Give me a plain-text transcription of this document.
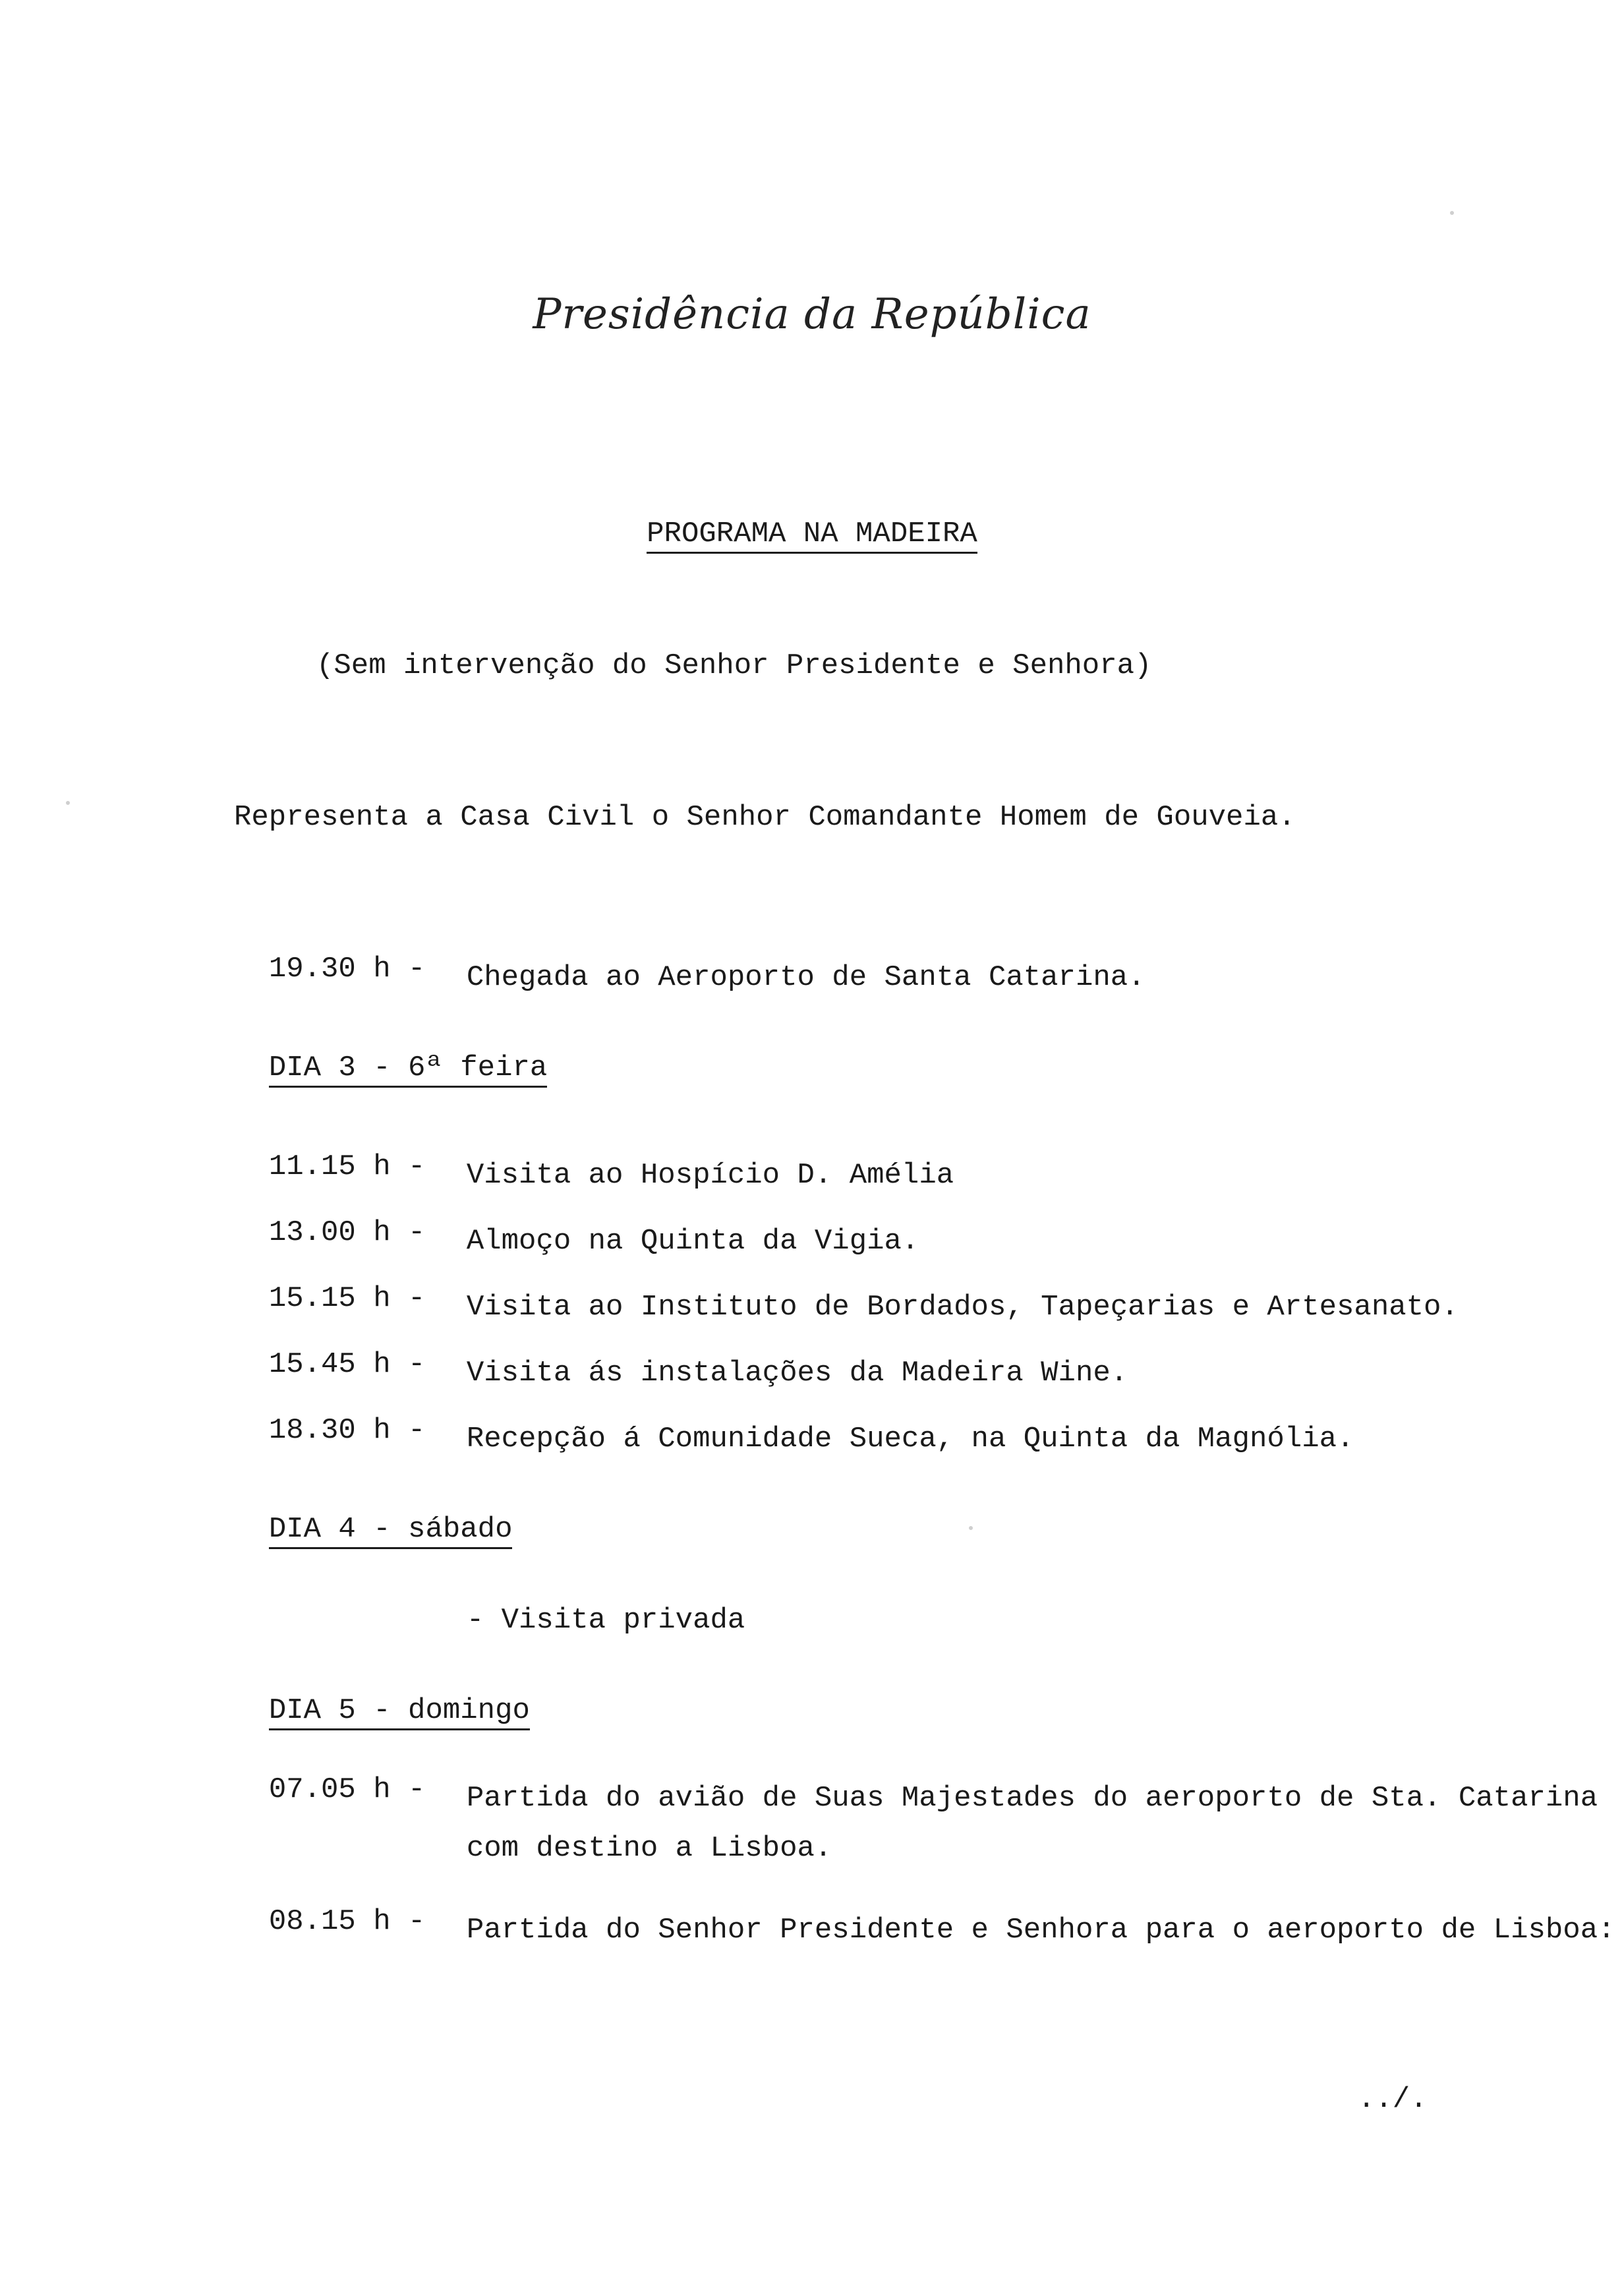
Presidência da República
PROGRAMA NA MADEIRA
(Sem intervenção do Senhor Presidente e Senhora)
Representa a Casa Civil o Senhor Comandante Homem de Gouveia.

19.30 h - Chegada ao Aeroporto de Santa Catarina.

DIA 3 - 6ª feira

11.15 h - Visita ao Hospício D. Amélia

13.00 h - Almoço na Quinta da Vigia.

15.15 h - Visita ao Instituto de Bordados, Tapeçarias e Artesanato.

15.45 h - Visita ás instalações da Madeira Wine.

18.30 h - Recepção á Comunidade Sueca, na Quinta da Magnólia.

DIA 4 - sábado

- Visita privada

DIA 5 - domingo

07.05 h - Partida do avião de Suas Majestades do aeroporto de Sta. Catarina com destino a Lisboa.

08.15 h - Partida do Senhor Presidente e Senhora para o aeroporto de Lisboa:

../.
